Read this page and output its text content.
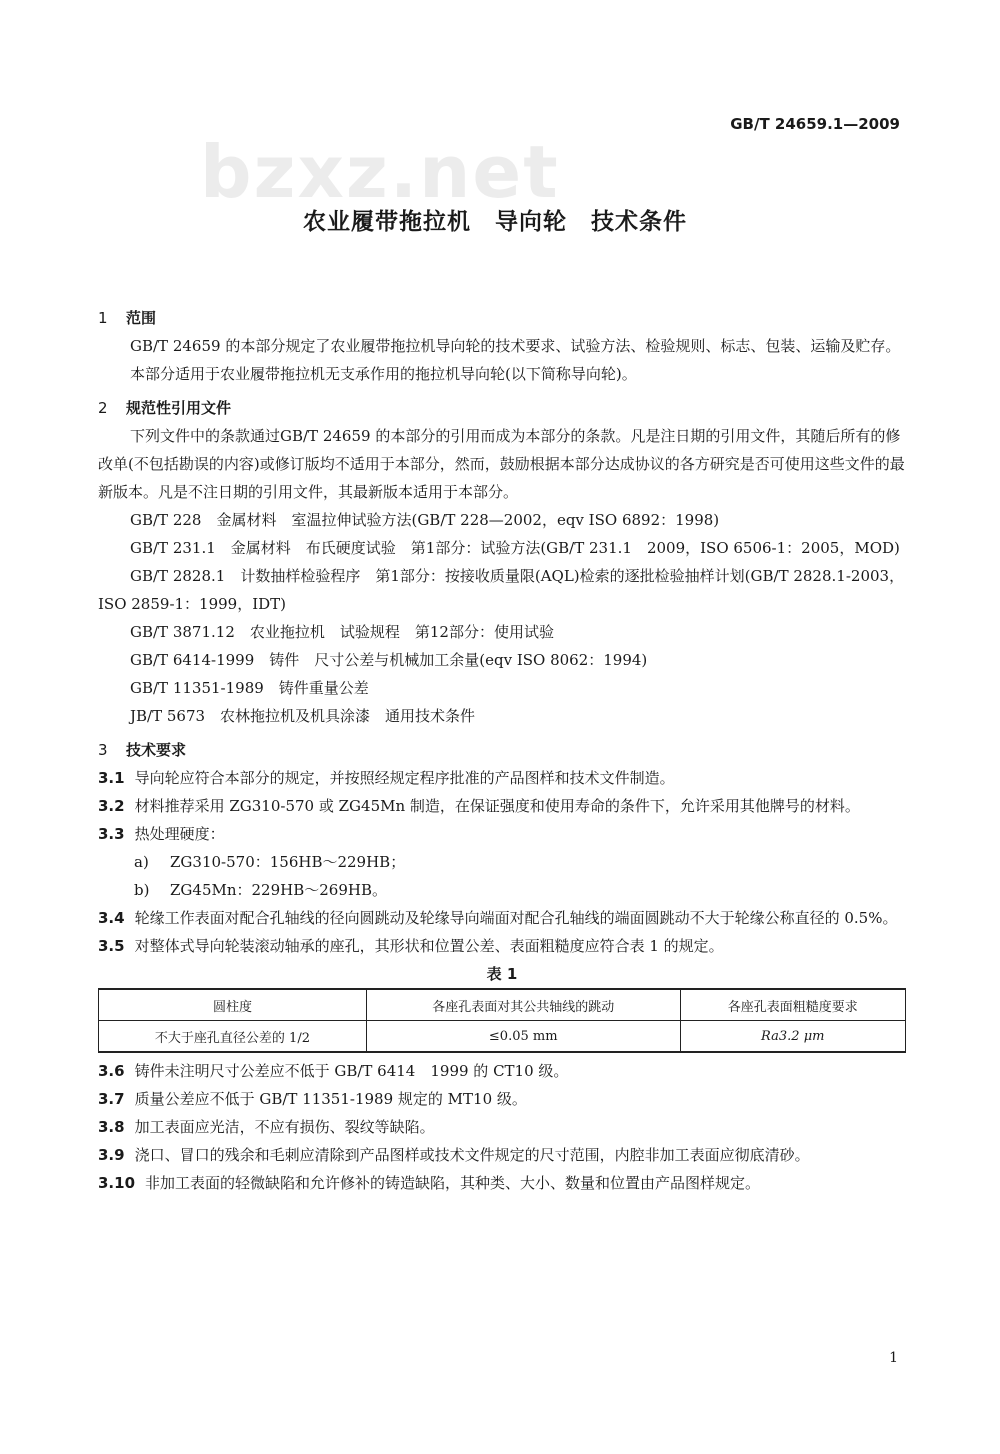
bzxz.net
GB/T 24659.1—2009
农业履带拖拉机　导向轮　技术条件
1 范围

GB/T 24659 的本部分规定了农业履带拖拉机导向轮的技术要求、试验方法、检验规则、标志、包装、运输及贮存。

本部分适用于农业履带拖拉机无支承作用的拖拉机导向轮(以下简称导向轮)。

2 规范性引用文件

下列文件中的条款通过GB/T 24659 的本部分的引用而成为本部分的条款。凡是注日期的引用文件，其随后所有的修改单(不包括勘误的内容)或修订版均不适用于本部分，然而，鼓励根据本部分达成协议的各方研究是否可使用这些文件的最新版本。凡是不注日期的引用文件，其最新版本适用于本部分。

GB/T 228　金属材料　室温拉伸试验方法(GB/T 228—2002，eqv ISO 6892：1998)

GB/T 231.1　金属材料　布氏硬度试验　第1部分：试验方法(GB/T 231.1　2009，ISO 6506-1：2005，MOD)

GB/T 2828.1　计数抽样检验程序　第1部分：按接收质量限(AQL)检索的逐批检验抽样计划(GB/T 2828.1-2003，ISO 2859-1：1999，IDT)

GB/T 3871.12　农业拖拉机　试验规程　第12部分：使用试验

GB/T 6414-1999　铸件　尺寸公差与机械加工余量(eqv ISO 8062：1994)

GB/T 11351-1989　铸件重量公差

JB/T 5673　农林拖拉机及机具涂漆　通用技术条件

3 技术要求

3.1 导向轮应符合本部分的规定，并按照经规定程序批准的产品图样和技术文件制造。

3.2 材料推荐采用 ZG310-570 或 ZG45Mn 制造，在保证强度和使用寿命的条件下，允许采用其他牌号的材料。

3.3 热处理硬度：

a) ZG310-570：156HB～229HB；

b) ZG45Mn：229HB～269HB。

3.4 轮缘工作表面对配合孔轴线的径向圆跳动及轮缘导向端面对配合孔轴线的端面圆跳动不大于轮缘公称直径的 0.5%。

3.5 对整体式导向轮装滚动轴承的座孔，其形状和位置公差、表面粗糙度应符合表 1 的规定。

表 1
圆柱度	各座孔表面对其公共轴线的跳动	各座孔表面粗糙度要求
不大于座孔直径公差的 1/2	≤0.05 mm	Ra3.2 μm

3.6 铸件未注明尺寸公差应不低于 GB/T 6414　1999 的 CT10 级。

3.7 质量公差应不低于 GB/T 11351-1989 规定的 MT10 级。

3.8 加工表面应光洁，不应有损伤、裂纹等缺陷。

3.9 浇口、冒口的残余和毛刺应清除到产品图样或技术文件规定的尺寸范围，内腔非加工表面应彻底清砂。

3.10 非加工表面的轻微缺陷和允许修补的铸造缺陷，其种类、大小、数量和位置由产品图样规定。

1
